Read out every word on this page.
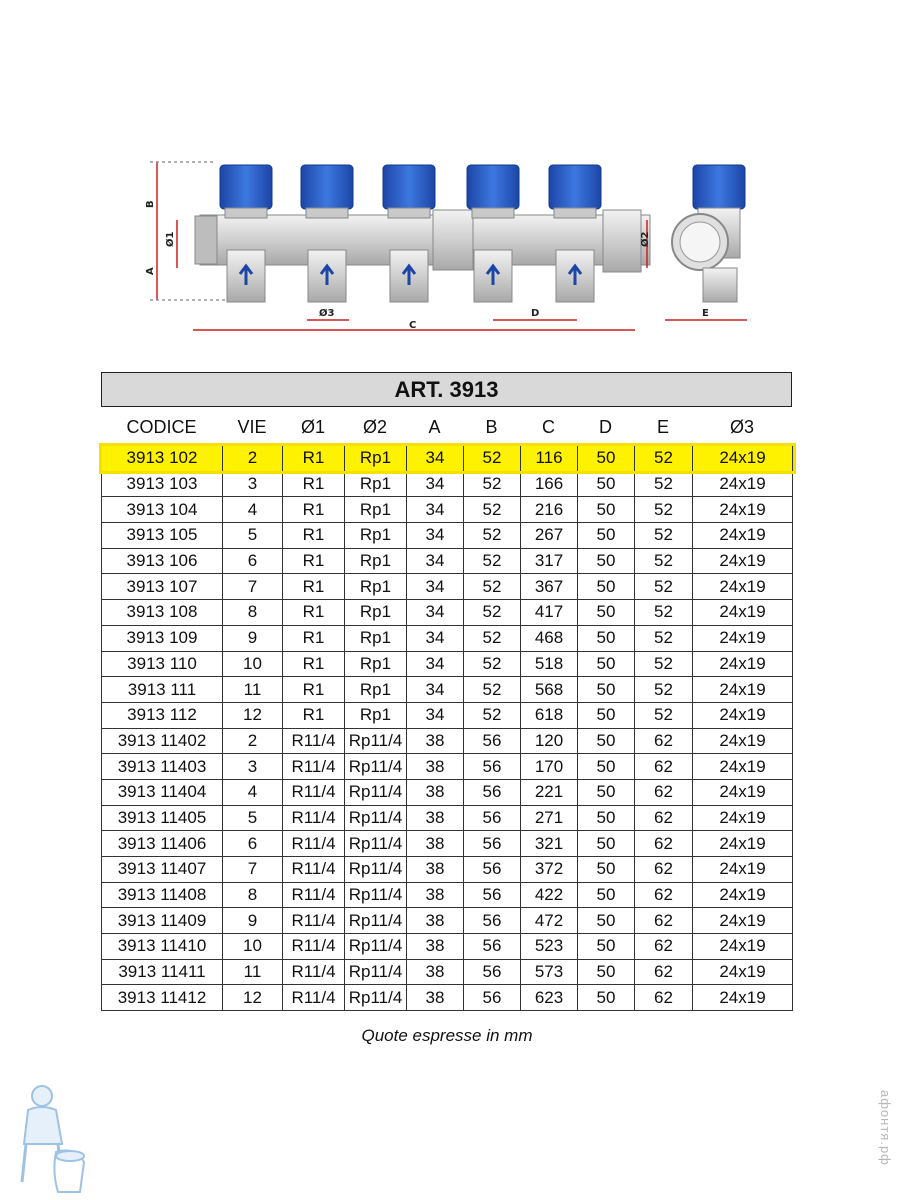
B
A
Ø1	Ø2
Ø3
C
D	E
ART. 3913
CODICE	VIE	Ø1	Ø2	A	B	C	D	E	Ø3
3913 102	2	R1	Rp1	34	52	116	50	52	24x19
3913 103	3	R1	Rp1	34	52	166	50	52	24x19
3913 104	4	R1	Rp1	34	52	216	50	52	24x19
3913 105	5	R1	Rp1	34	52	267	50	52	24x19
3913 106	6	R1	Rp1	34	52	317	50	52	24x19
3913 107	7	R1	Rp1	34	52	367	50	52	24x19
3913 108	8	R1	Rp1	34	52	417	50	52	24x19
3913 109	9	R1	Rp1	34	52	468	50	52	24x19
3913 110	10	R1	Rp1	34	52	518	50	52	24x19
3913 111	11	R1	Rp1	34	52	568	50	52	24x19
3913 112	12	R1	Rp1	34	52	618	50	52	24x19
3913 11402	2	R11/4	Rp11/4	38	56	120	50	62	24x19
3913 11403	3	R11/4	Rp11/4	38	56	170	50	62	24x19
3913 11404	4	R11/4	Rp11/4	38	56	221	50	62	24x19
3913 11405	5	R11/4	Rp11/4	38	56	271	50	62	24x19
3913 11406	6	R11/4	Rp11/4	38	56	321	50	62	24x19
3913 11407	7	R11/4	Rp11/4	38	56	372	50	62	24x19
3913 11408	8	R11/4	Rp11/4	38	56	422	50	62	24x19
3913 11409	9	R11/4	Rp11/4	38	56	472	50	62	24x19
3913 11410	10	R11/4	Rp11/4	38	56	523	50	62	24x19
3913 11411	11	R11/4	Rp11/4	38	56	573	50	62	24x19
3913 11412	12	R11/4	Rp11/4	38	56	623	50	62	24x19
Quote espresse in mm
афонтя.рф
